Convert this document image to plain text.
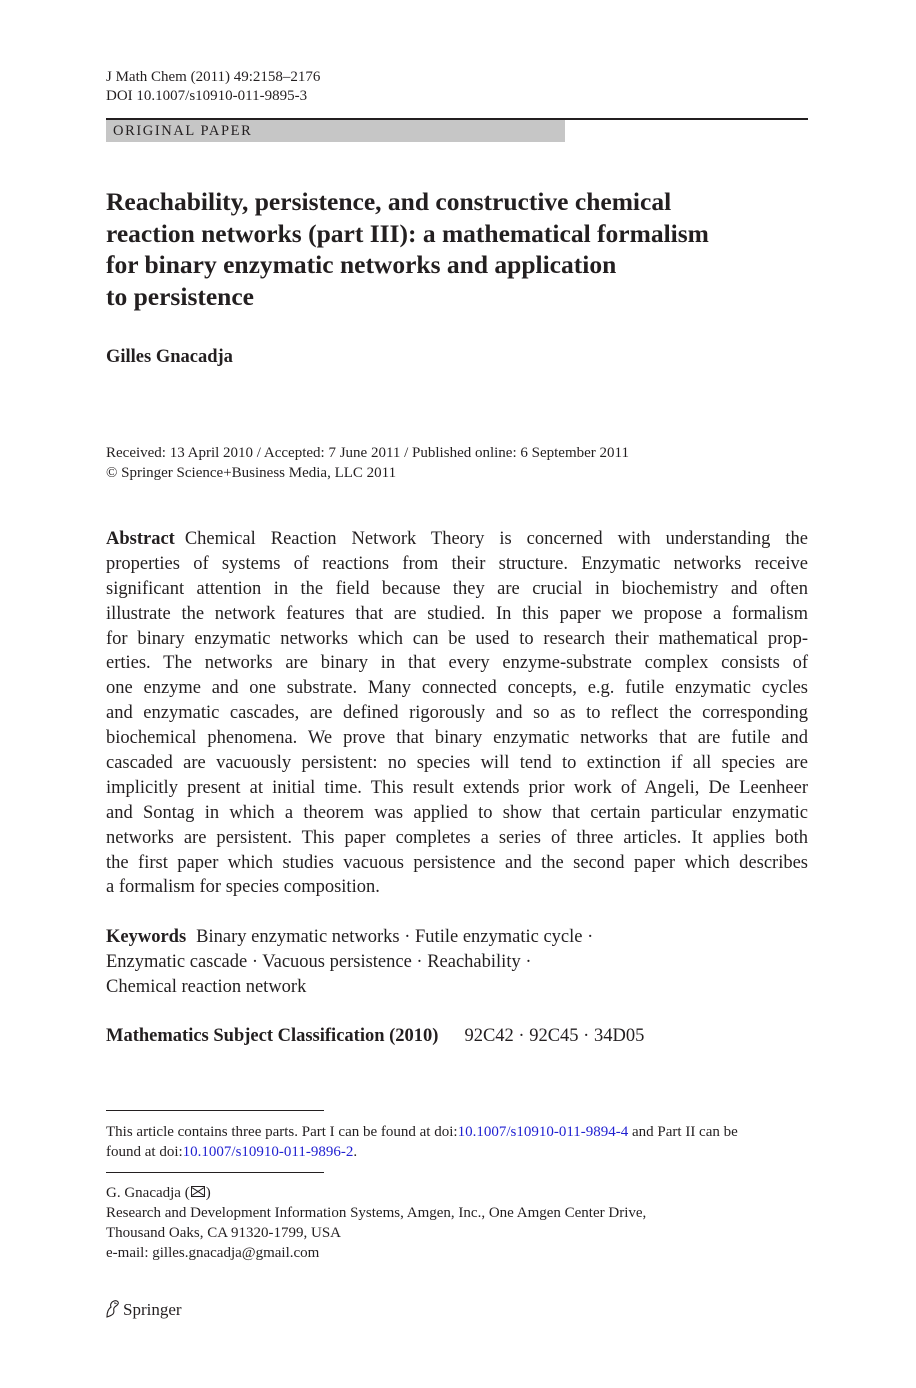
J Math Chem (2011) 49:2158–2176
DOI 10.1007/s10910-011-9895-3
ORIGINAL PAPER
Reachability, persistence, and constructive chemical
reaction networks (part III): a mathematical formalism
for binary enzymatic networks and application
to persistence
Gilles Gnacadja
Received: 13 April 2010 / Accepted: 7 June 2011 / Published online: 6 September 2011
© Springer Science+Business Media, LLC 2011
Abstract Chemical Reaction Network Theory is concerned with understanding the
properties of systems of reactions from their structure. Enzymatic networks receive
significant attention in the field because they are crucial in biochemistry and often
illustrate the network features that are studied. In this paper we propose a formalism
for binary enzymatic networks which can be used to research their mathematical prop-
erties. The networks are binary in that every enzyme-substrate complex consists of
one enzyme and one substrate. Many connected concepts, e.g. futile enzymatic cycles
and enzymatic cascades, are defined rigorously and so as to reflect the corresponding
biochemical phenomena. We prove that binary enzymatic networks that are futile and
cascaded are vacuously persistent: no species will tend to extinction if all species are
implicitly present at initial time. This result extends prior work of Angeli, De Leenheer
and Sontag in which a theorem was applied to show that certain particular enzymatic
networks are persistent. This paper completes a series of three articles. It applies both
the first paper which studies vacuous persistence and the second paper which describes
a formalism for species composition.
Keywords Binary enzymatic networks · Futile enzymatic cycle ·
Enzymatic cascade · Vacuous persistence · Reachability ·
Chemical reaction network
Mathematics Subject Classification (2010) 92C42 · 92C45 · 34D05
This article contains three parts. Part I can be found at doi:10.1007/s10910-011-9894-4 and Part II can be
found at doi:10.1007/s10910-011-9896-2.
G. Gnacadja ( )
Research and Development Information Systems, Amgen, Inc., One Amgen Center Drive,
Thousand Oaks, CA 91320-1799, USA
e-mail: gilles.gnacadja@gmail.com
Springer
